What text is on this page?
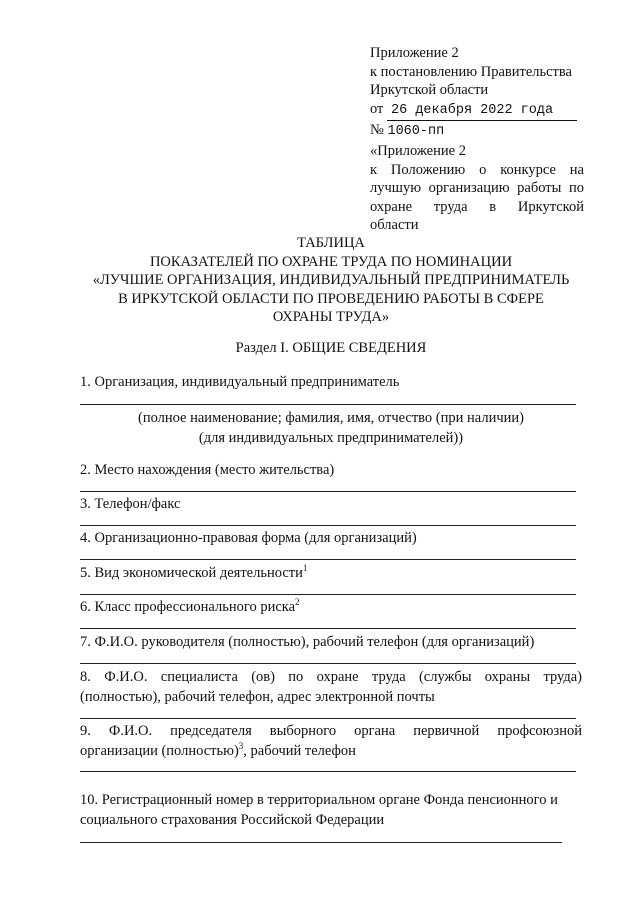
Приложение 2
к постановлению Правительства
Иркутской области
от 26 декабря 2022 года
№ 1060-пп
«Приложение 2
к Положению о конкурсе на
лучшую организацию работы по
охране труда в Иркутской
области
ТАБЛИЦА
ПОКАЗАТЕЛЕЙ ПО ОХРАНЕ ТРУДА ПО НОМИНАЦИИ
«ЛУЧШИЕ ОРГАНИЗАЦИЯ, ИНДИВИДУАЛЬНЫЙ ПРЕДПРИНИМАТЕЛЬ
В ИРКУТСКОЙ ОБЛАСТИ ПО ПРОВЕДЕНИЮ РАБОТЫ В СФЕРЕ
ОХРАНЫ ТРУДА»
Раздел I. ОБЩИЕ СВЕДЕНИЯ
1. Организация, индивидуальный предприниматель
(полное наименование; фамилия, имя, отчество (при наличии)
(для индивидуальных предпринимателей))
2. Место нахождения (место жительства)
3. Телефон/факс
4. Организационно-правовая форма (для организаций)
5. Вид экономической деятельности$^1$
6. Класс профессионального риска$^2$
7. Ф.И.О. руководителя (полностью), рабочий телефон (для организаций)
8. Ф.И.О. специалиста (ов) по охране труда (службы охраны труда)
(полностью), рабочий телефон, адрес электронной почты
9. Ф.И.О. председателя выборного органа первичной профсоюзной
организации (полностью)$^3$, рабочий телефон
10. Регистрационный номер в территориальном органе Фонда пенсионного и
социального страхования Российской Федерации
